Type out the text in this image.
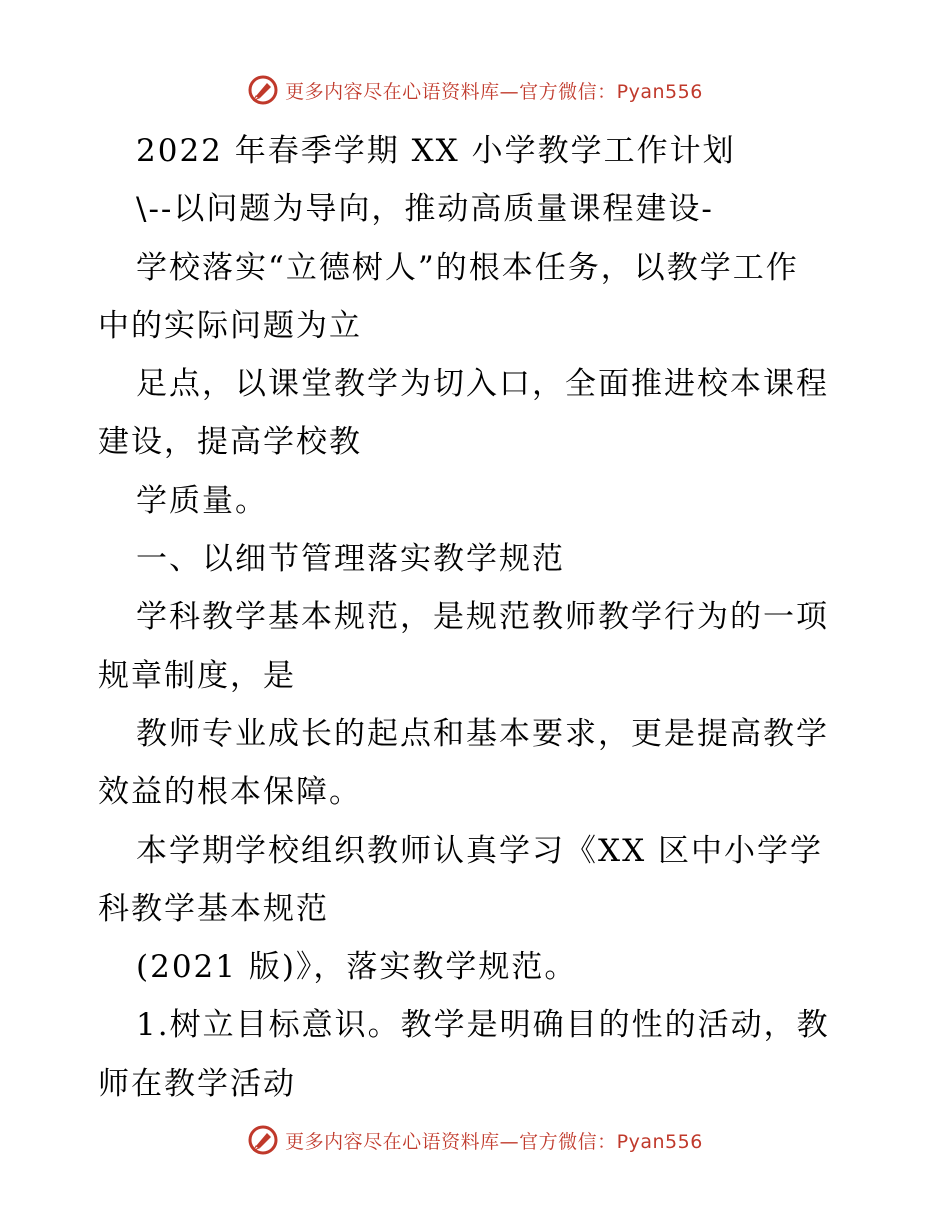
更多内容尽在心语资料库—官方微信：Pyan556
2022 年春季学期 XX 小学教学工作计划
\--以问题为导向，推动高质量课程建设-
学校落实“立德树人”的根本任务，以教学工作
中的实际问题为立
足点，以课堂教学为切入口，全面推进校本课程
建设，提高学校教
学质量。
一、以细节管理落实教学规范
学科教学基本规范，是规范教师教学行为的一项
规章制度，是
教师专业成长的起点和基本要求，更是提高教学
效益的根本保障。
本学期学校组织教师认真学习《XX 区中小学学
科教学基本规范
(2021 版)》，落实教学规范。
1.树立目标意识。教学是明确目的性的活动，教
师在教学活动
更多内容尽在心语资料库—官方微信：Pyan556
